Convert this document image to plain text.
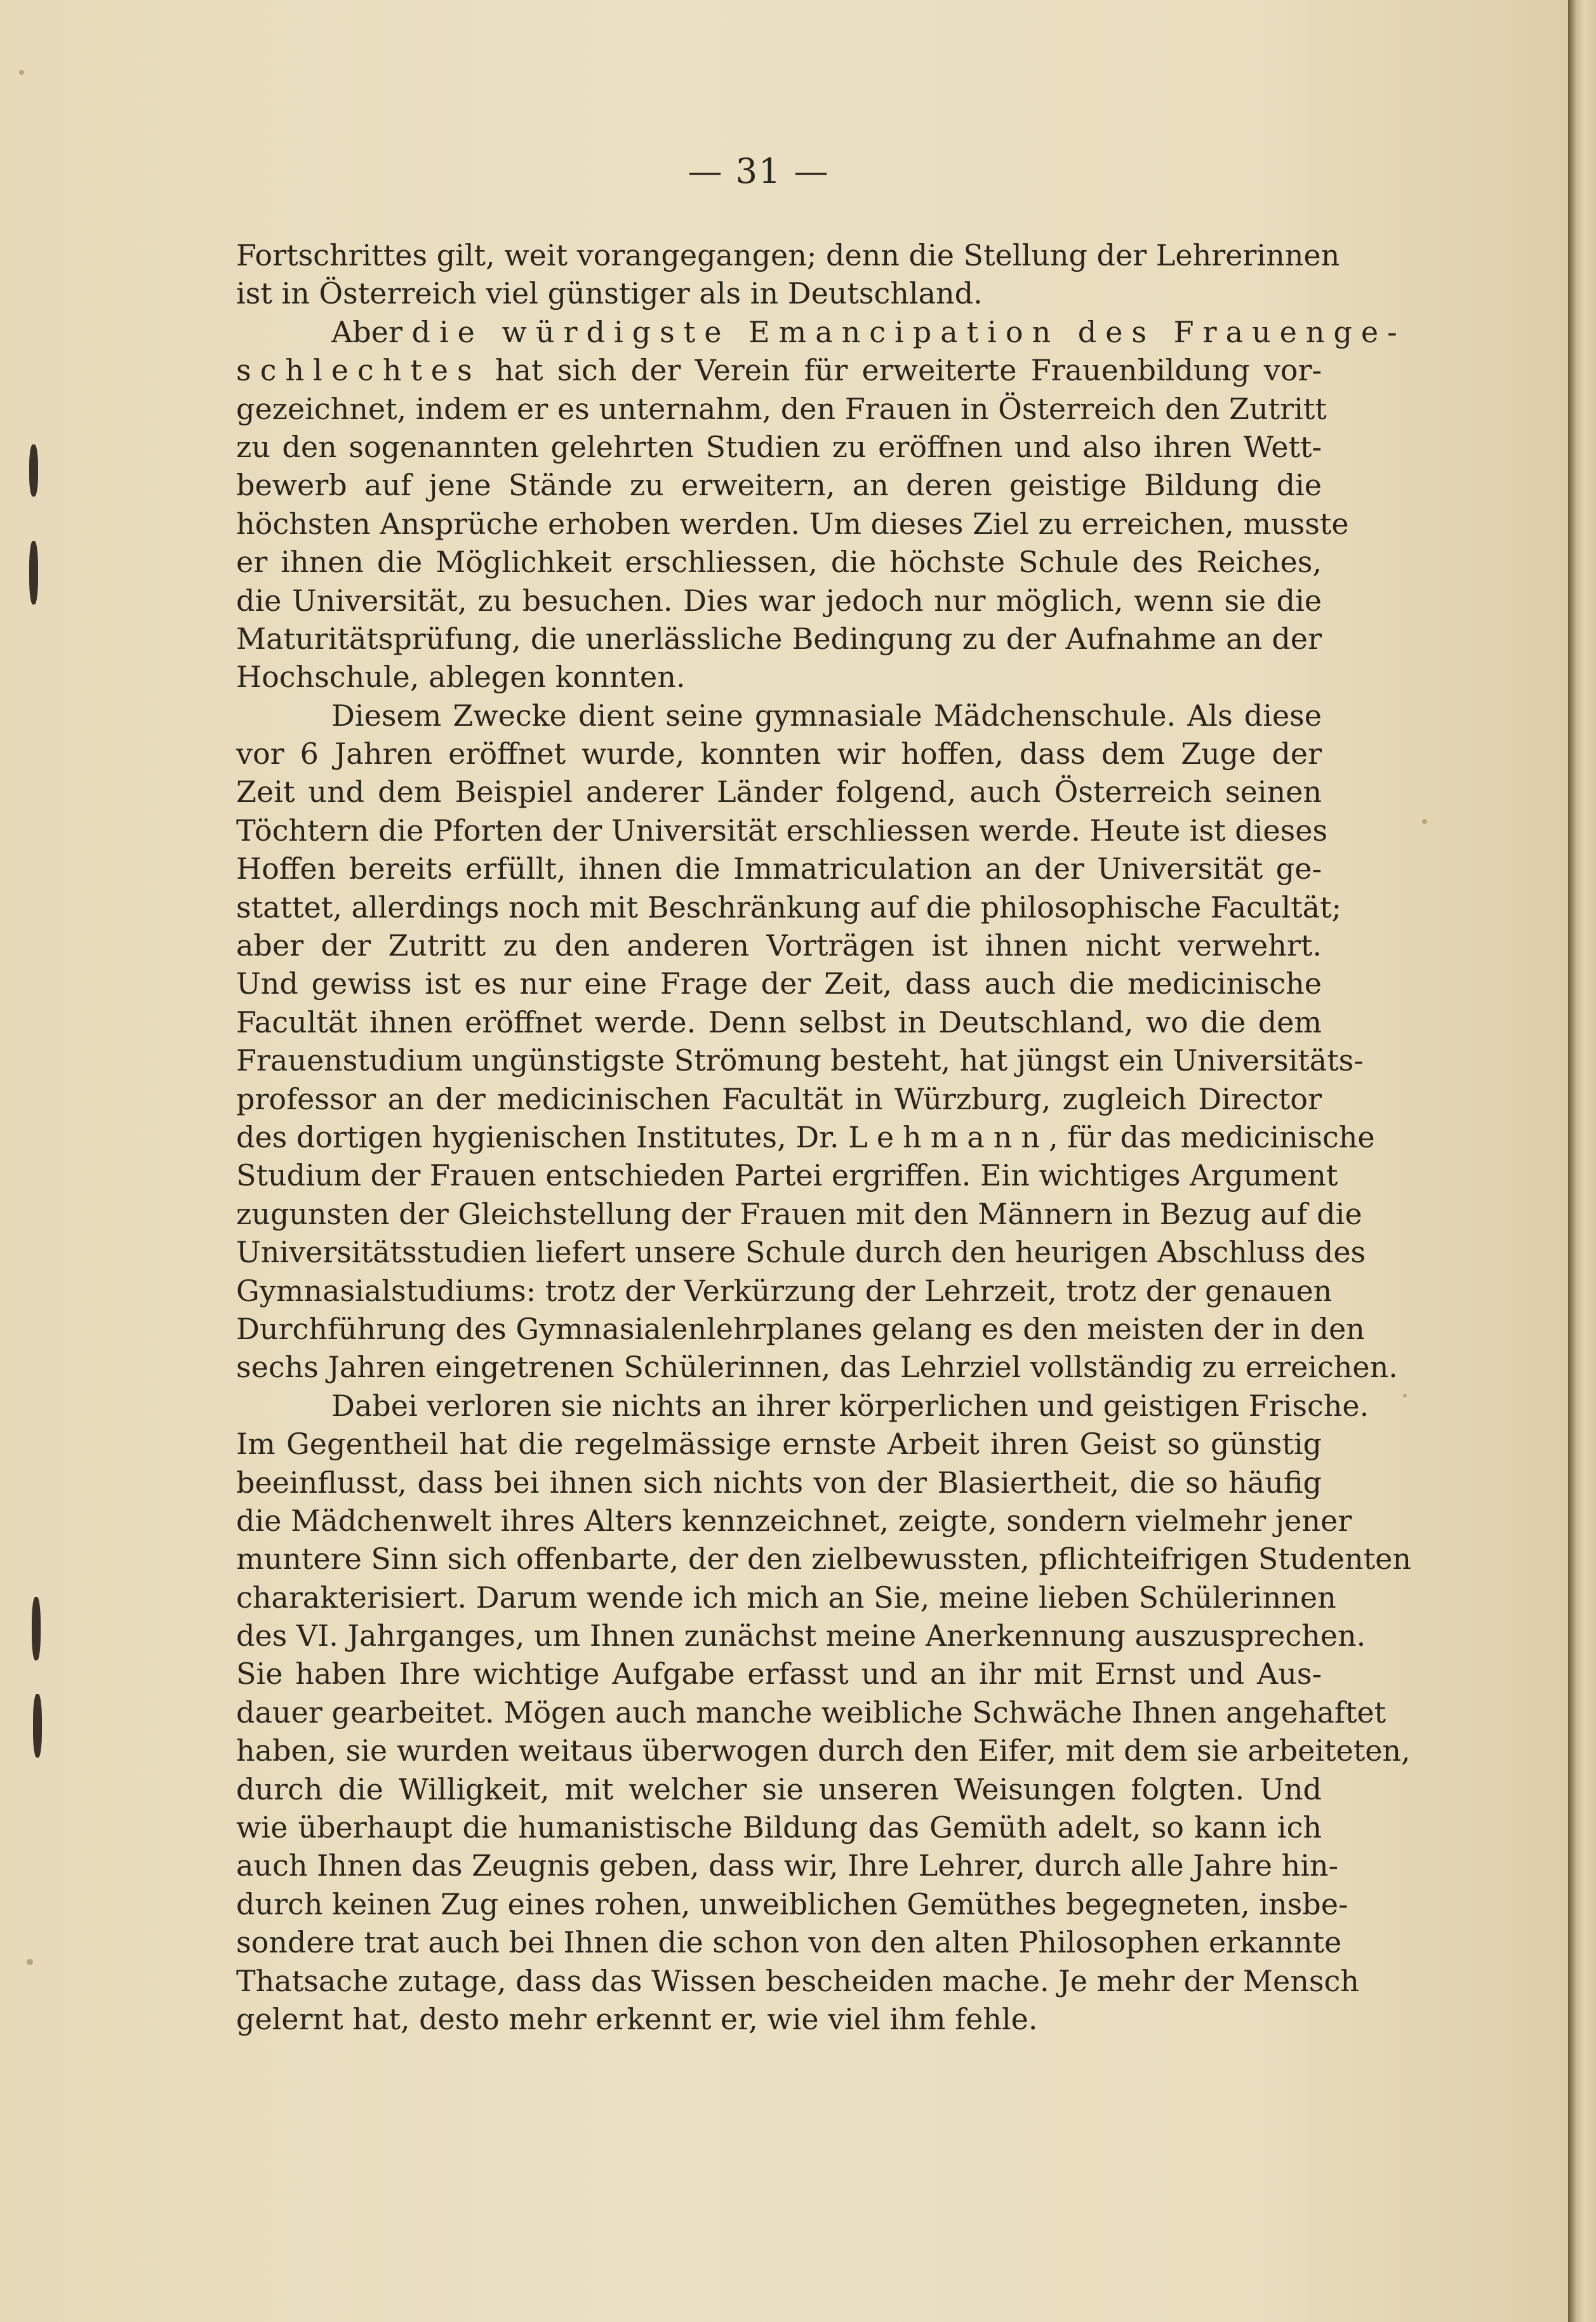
— 31 —
Fortschrittes gilt, weit vorangegangen; denn die Stellung der Lehrerinnen
ist in Österreich viel günstiger als in Deutschland.
Aber die würdigste Emancipation des Frauenge-
schlechtes hat sich der Verein für erweiterte Frauenbildung vor-
gezeichnet, indem er es unternahm, den Frauen in Österreich den Zutritt
zu den sogenannten gelehrten Studien zu eröffnen und also ihren Wett-
bewerb auf jene Stände zu erweitern, an deren geistige Bildung die
höchsten Ansprüche erhoben werden. Um dieses Ziel zu erreichen, musste
er ihnen die Möglichkeit erschliessen, die höchste Schule des Reiches,
die Universität, zu besuchen. Dies war jedoch nur möglich, wenn sie die
Maturitätsprüfung, die unerlässliche Bedingung zu der Aufnahme an der
Hochschule, ablegen konnten.
Diesem Zwecke dient seine gymnasiale Mädchenschule. Als diese
vor 6 Jahren eröffnet wurde, konnten wir hoffen, dass dem Zuge der
Zeit und dem Beispiel anderer Länder folgend, auch Österreich seinen
Töchtern die Pforten der Universität erschliessen werde. Heute ist dieses
Hoffen bereits erfüllt, ihnen die Immatriculation an der Universität ge-
stattet, allerdings noch mit Beschränkung auf die philosophische Facultät;
aber der Zutritt zu den anderen Vorträgen ist ihnen nicht verwehrt.
Und gewiss ist es nur eine Frage der Zeit, dass auch die medicinische
Facultät ihnen eröffnet werde. Denn selbst in Deutschland, wo die dem
Frauenstudium ungünstigste Strömung besteht, hat jüngst ein Universitäts-
professor an der medicinischen Facultät in Würzburg, zugleich Director
des dortigen hygienischen Institutes, Dr. Lehmann, für das medicinische
Studium der Frauen entschieden Partei ergriffen. Ein wichtiges Argument
zugunsten der Gleichstellung der Frauen mit den Männern in Bezug auf die
Universitätsstudien liefert unsere Schule durch den heurigen Abschluss des
Gymnasialstudiums: trotz der Verkürzung der Lehrzeit, trotz der genauen
Durchführung des Gymnasialenlehrplanes gelang es den meisten der in den
sechs Jahren eingetrenen Schülerinnen, das Lehrziel vollständig zu erreichen.
Dabei verloren sie nichts an ihrer körperlichen und geistigen Frische.
Im Gegentheil hat die regelmässige ernste Arbeit ihren Geist so günstig
beeinflusst, dass bei ihnen sich nichts von der Blasiertheit, die so häufig
die Mädchenwelt ihres Alters kennzeichnet, zeigte, sondern vielmehr jener
muntere Sinn sich offenbarte, der den zielbewussten, pflichteifrigen Studenten
charakterisiert. Darum wende ich mich an Sie, meine lieben Schülerinnen
des VI. Jahrganges, um Ihnen zunächst meine Anerkennung auszusprechen.
Sie haben Ihre wichtige Aufgabe erfasst und an ihr mit Ernst und Aus-
dauer gearbeitet. Mögen auch manche weibliche Schwäche Ihnen angehaftet
haben, sie wurden weitaus überwogen durch den Eifer, mit dem sie arbeiteten,
durch die Willigkeit, mit welcher sie unseren Weisungen folgten. Und
wie überhaupt die humanistische Bildung das Gemüth adelt, so kann ich
auch Ihnen das Zeugnis geben, dass wir, Ihre Lehrer, durch alle Jahre hin-
durch keinen Zug eines rohen, unweiblichen Gemüthes begegneten, insbe-
sondere trat auch bei Ihnen die schon von den alten Philosophen erkannte
Thatsache zutage, dass das Wissen bescheiden mache. Je mehr der Mensch
gelernt hat, desto mehr erkennt er, wie viel ihm fehle.
